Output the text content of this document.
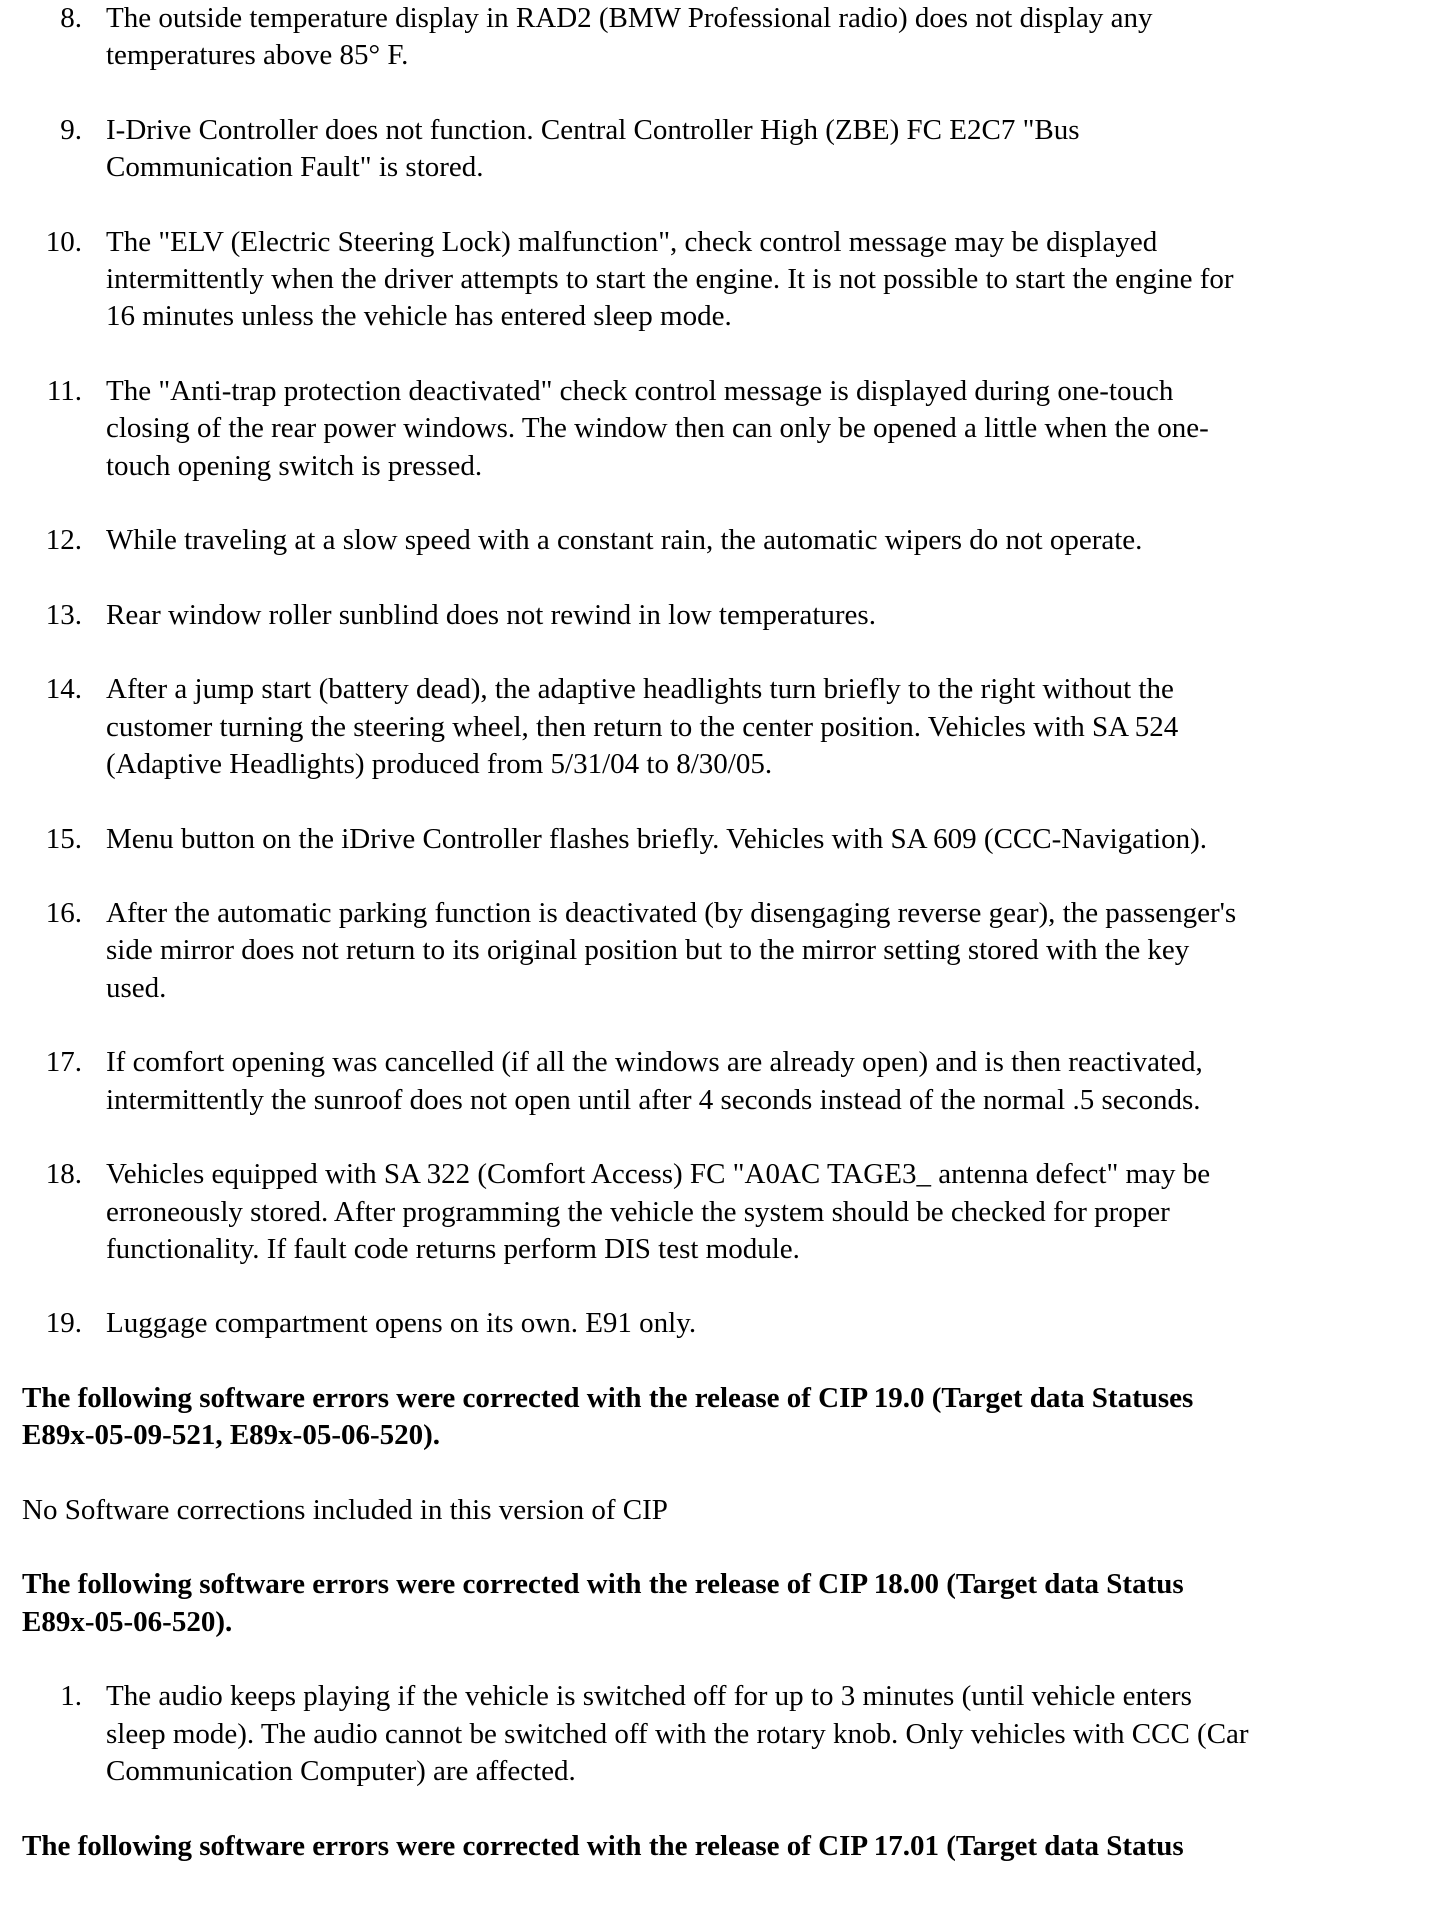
8. The outside temperature display in RAD2 (BMW Professional radio) does not display any
temperatures above 85° F.
9. I-Drive Controller does not function. Central Controller High (ZBE) FC E2C7 "Bus
Communication Fault" is stored.
10. The "ELV (Electric Steering Lock) malfunction", check control message may be displayed
intermittently when the driver attempts to start the engine. It is not possible to start the engine for
16 minutes unless the vehicle has entered sleep mode.
11. The "Anti-trap protection deactivated" check control message is displayed during one-touch
closing of the rear power windows. The window then can only be opened a little when the one-
touch opening switch is pressed.
12. While traveling at a slow speed with a constant rain, the automatic wipers do not operate.
13. Rear window roller sunblind does not rewind in low temperatures.
14. After a jump start (battery dead), the adaptive headlights turn briefly to the right without the
customer turning the steering wheel, then return to the center position. Vehicles with SA 524
(Adaptive Headlights) produced from 5/31/04 to 8/30/05.
15. Menu button on the iDrive Controller flashes briefly. Vehicles with SA 609 (CCC-Navigation).
16. After the automatic parking function is deactivated (by disengaging reverse gear), the passenger's
side mirror does not return to its original position but to the mirror setting stored with the key
used.
17. If comfort opening was cancelled (if all the windows are already open) and is then reactivated,
intermittently the sunroof does not open until after 4 seconds instead of the normal .5 seconds.
18. Vehicles equipped with SA 322 (Comfort Access) FC "A0AC TAGE3_ antenna defect" may be
erroneously stored. After programming the vehicle the system should be checked for proper
functionality. If fault code returns perform DIS test module.
19. Luggage compartment opens on its own. E91 only.
The following software errors were corrected with the release of CIP 19.0 (Target data Statuses
E89x-05-09-521, E89x-05-06-520).
No Software corrections included in this version of CIP
The following software errors were corrected with the release of CIP 18.00 (Target data Status
E89x-05-06-520).
1. The audio keeps playing if the vehicle is switched off for up to 3 minutes (until vehicle enters
sleep mode). The audio cannot be switched off with the rotary knob. Only vehicles with CCC (Car
Communication Computer) are affected.
The following software errors were corrected with the release of CIP 17.01 (Target data Status
